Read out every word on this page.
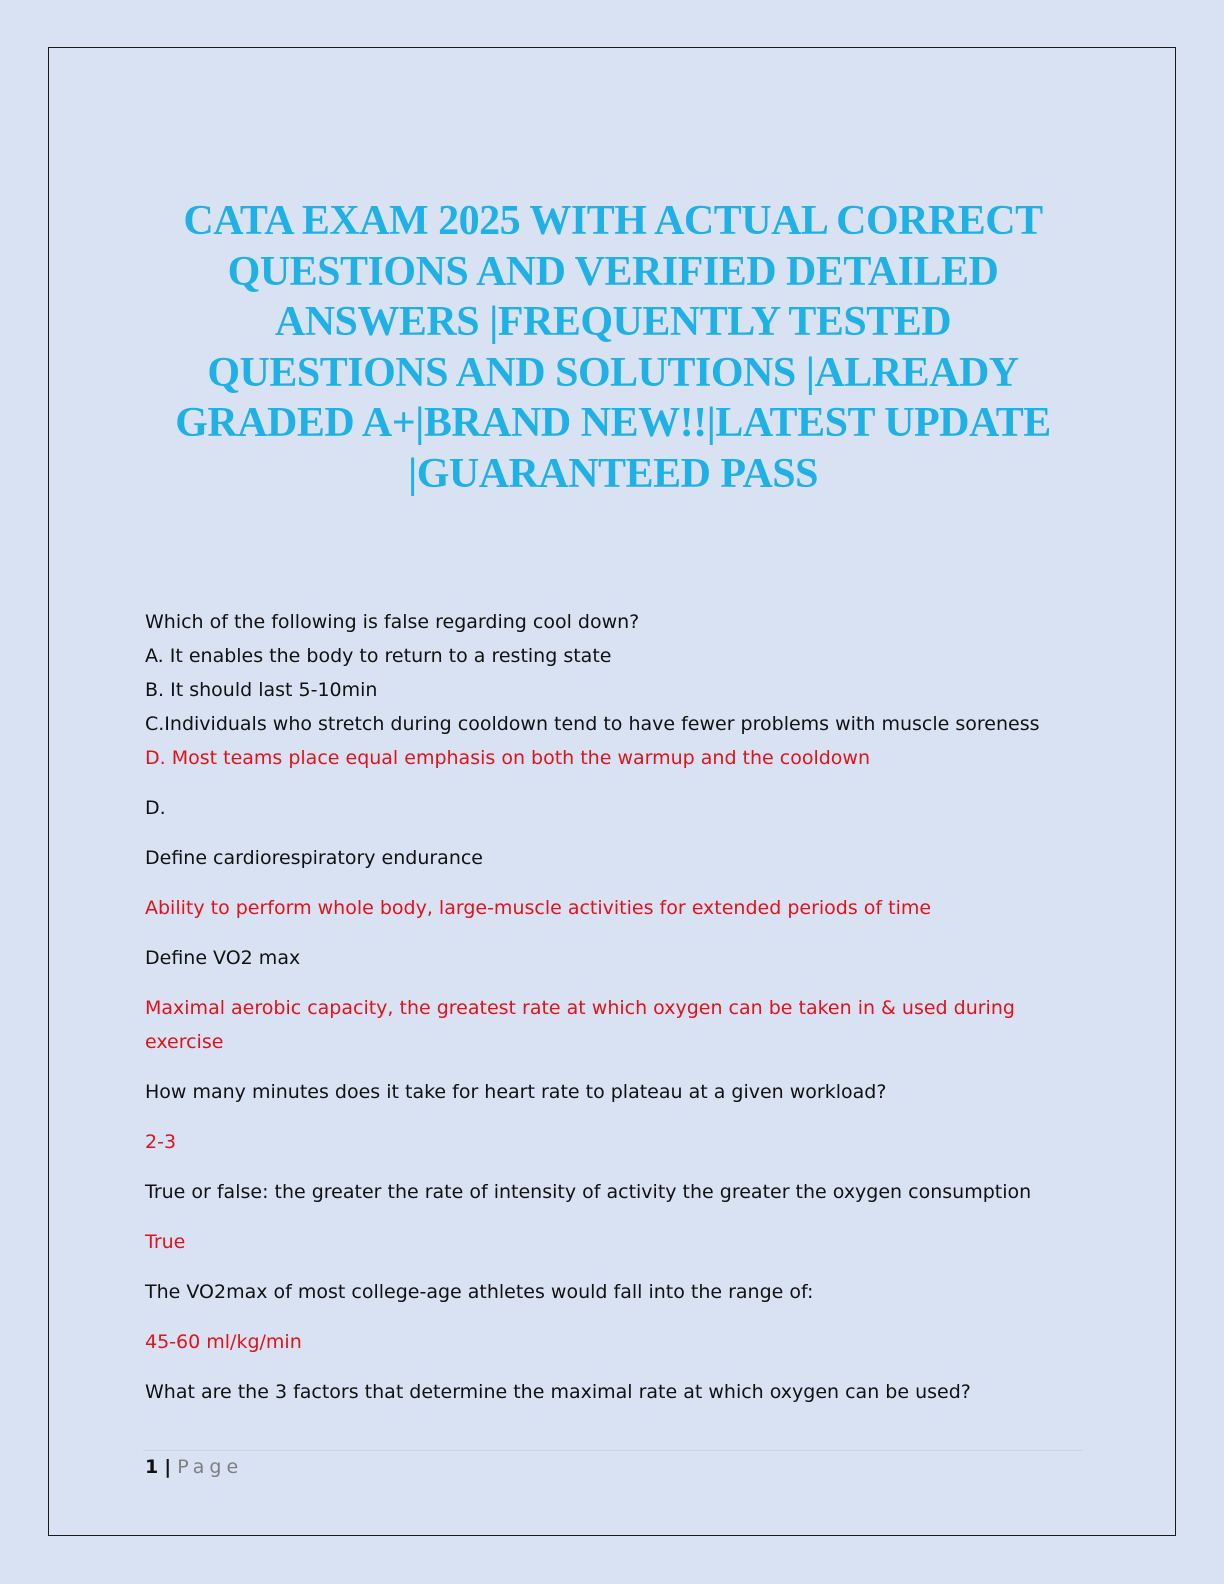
CATA EXAM 2025 WITH ACTUAL CORRECT QUESTIONS AND VERIFIED DETAILED ANSWERS |FREQUENTLY TESTED QUESTIONS AND SOLUTIONS |ALREADY GRADED A+|BRAND NEW!!|LATEST UPDATE |GUARANTEED PASS

Which of the following is false regarding cool down?

A. It enables the body to return to a resting state

B. It should last 5-10min

C.Individuals who stretch during cooldown tend to have fewer problems with muscle soreness

D. Most teams place equal emphasis on both the warmup and the cooldown

D.

Define cardiorespiratory endurance

Ability to perform whole body, large-muscle activities for extended periods of time

Define VO2 max

Maximal aerobic capacity, the greatest rate at which oxygen can be taken in & used during exercise

How many minutes does it take for heart rate to plateau at a given workload?

2-3

True or false: the greater the rate of intensity of activity the greater the oxygen consumption

True

The VO2max of most college-age athletes would fall into the range of:

45-60 ml/kg/min

What are the 3 factors that determine the maximal rate at which oxygen can be used?

1 | Page
